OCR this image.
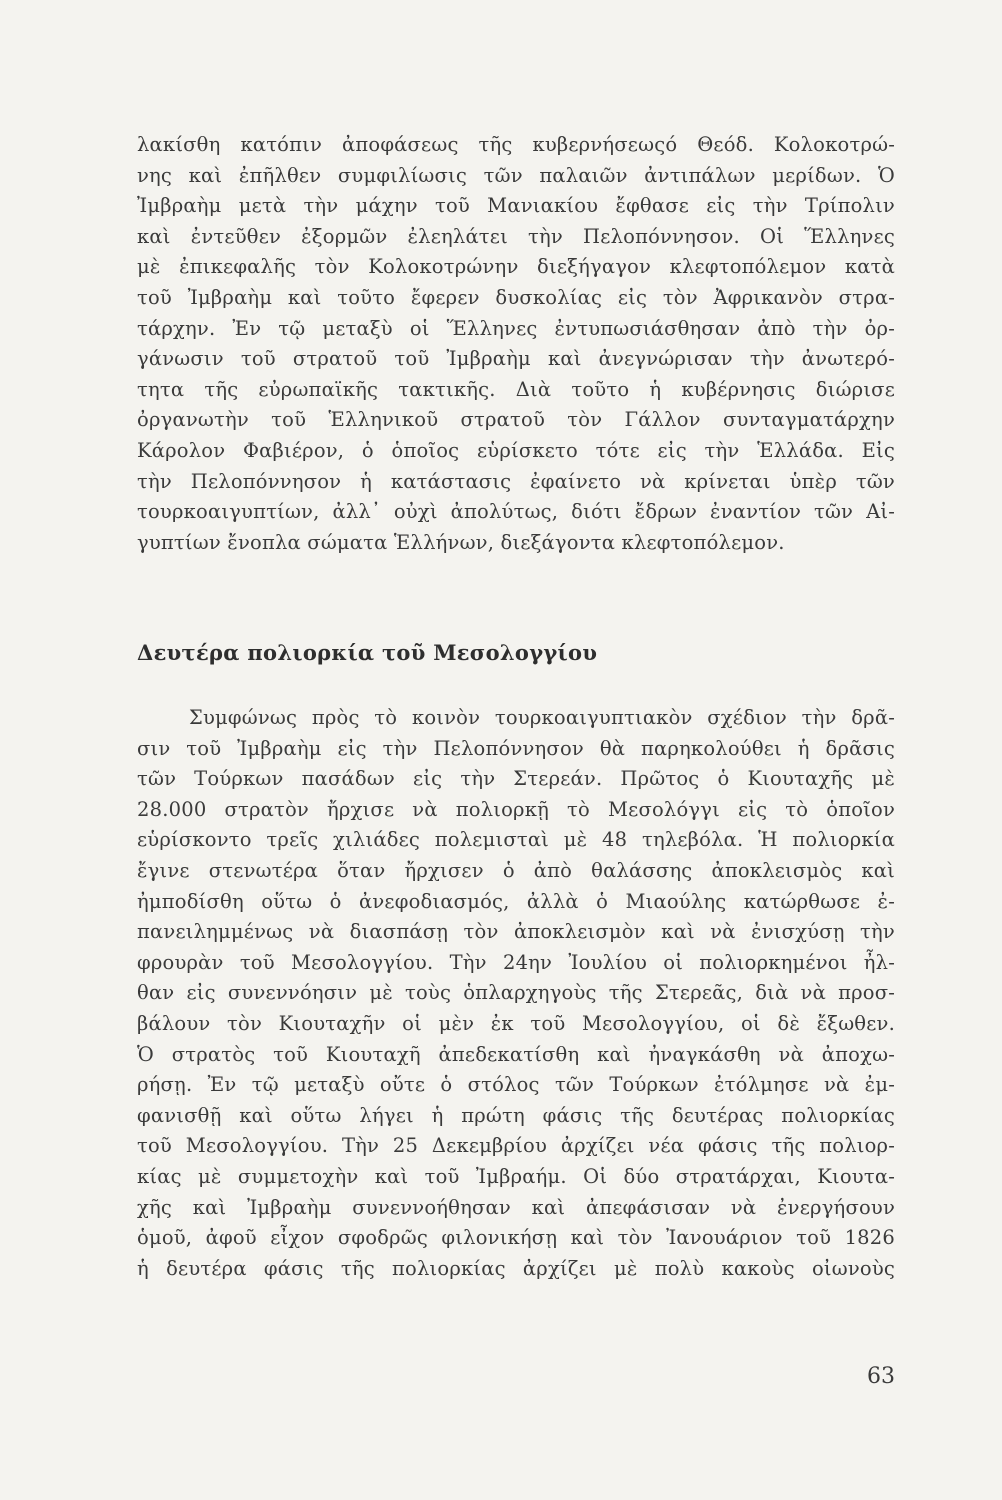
λακίσθη κατόπιν ἀποφάσεως τῆς κυβερνήσεωςό Θεόδ. Κολοκοτρώ-
νης καὶ ἐπῆλθεν συμφιλίωσις τῶν παλαιῶν ἀντιπάλων μερίδων. Ὁ
Ἰμβραὴμ μετὰ τὴν μάχην τοῦ Μανιακίου ἔφθασε εἰς τὴν Τρίπολιν
καὶ ἐντεῦθεν ἐξορμῶν ἐλεηλάτει τὴν Πελοπόννησον. Οἱ Ἕλληνες
μὲ ἐπικεφαλῆς τὸν Κολοκοτρώνην διεξήγαγον κλεφτοπόλεμον κατὰ
τοῦ Ἰμβραὴμ καὶ τοῦτο ἔφερεν δυσκολίας εἰς τὸν Ἀφρικανὸν στρα-
τάρχην. Ἐν τῷ μεταξὺ οἱ Ἕλληνες ἐντυπωσιάσθησαν ἀπὸ τὴν ὀρ-
γάνωσιν τοῦ στρατοῦ τοῦ Ἰμβραὴμ καὶ ἀνεγνώρισαν τὴν ἀνωτερό-
τητα τῆς εὐρωπαϊκῆς τακτικῆς. Διὰ τοῦτο ἡ κυβέρνησις διώρισε
ὀργανωτὴν τοῦ Ἑλληνικοῦ στρατοῦ τὸν Γάλλον συνταγματάρχην
Κάρολον Φαβιέρον, ὁ ὁποῖος εὑρίσκετο τότε εἰς τὴν Ἑλλάδα. Εἰς
τὴν Πελοπόννησον ἡ κατάστασις ἐφαίνετο νὰ κρίνεται ὑπὲρ τῶν
τουρκοαιγυπτίων, ἀλλ᾽ οὐχὶ ἀπολύτως, διότι ἔδρων ἐναντίον τῶν Αἰ-
γυπτίων ἔνοπλα σώματα Ἑλλήνων, διεξάγοντα κλεφτοπόλεμον.
Δευτέρα πολιορκία τοῦ Μεσολογγίου
Συμφώνως πρὸς τὸ κοινὸν τουρκοαιγυπτιακὸν σχέδιον τὴν δρᾶ-
σιν τοῦ Ἰμβραὴμ εἰς τὴν Πελοπόννησον θὰ παρηκολούθει ἡ δρᾶσις
τῶν Τούρκων πασάδων εἰς τὴν Στερεάν. Πρῶτος ὁ Κιουταχῆς μὲ
28.000 στρατὸν ἤρχισε νὰ πολιορκῇ τὸ Μεσολόγγι εἰς τὸ ὁποῖον
εὑρίσκοντο τρεῖς χιλιάδες πολεμισταὶ μὲ 48 τηλεβόλα. Ἡ πολιορκία
ἔγινε στενωτέρα ὅταν ἤρχισεν ὁ ἀπὸ θαλάσσης ἀποκλεισμὸς καὶ
ἠμποδίσθη οὕτω ὁ ἀνεφοδιασμός, ἀλλὰ ὁ Μιαούλης κατώρθωσε ἐ-
πανειλημμένως νὰ διασπάσῃ τὸν ἀποκλεισμὸν καὶ νὰ ἐνισχύσῃ τὴν
φρουρὰν τοῦ Μεσολογγίου. Τὴν 24ην Ἰουλίου οἱ πολιορκημένοι ἦλ-
θαν εἰς συνεννόησιν μὲ τοὺς ὁπλαρχηγοὺς τῆς Στερεᾶς, διὰ νὰ προσ-
βάλουν τὸν Κιουταχῆν οἱ μὲν ἐκ τοῦ Μεσολογγίου, οἱ δὲ ἔξωθεν.
Ὁ στρατὸς τοῦ Κιουταχῆ ἀπεδεκατίσθη καὶ ἠναγκάσθη νὰ ἀποχω-
ρήσῃ. Ἐν τῷ μεταξὺ οὔτε ὁ στόλος τῶν Τούρκων ἐτόλμησε νὰ ἐμ-
φανισθῇ καὶ οὕτω λήγει ἡ πρώτη φάσις τῆς δευτέρας πολιορκίας
τοῦ Μεσολογγίου. Τὴν 25 Δεκεμβρίου ἀρχίζει νέα φάσις τῆς πολιορ-
κίας μὲ συμμετοχὴν καὶ τοῦ Ἰμβραήμ. Οἱ δύο στρατάρχαι, Κιουτα-
χῆς καὶ Ἰμβραὴμ συνεννοήθησαν καὶ ἀπεφάσισαν νὰ ἐνεργήσουν
ὁμοῦ, ἀφοῦ εἶχον σφοδρῶς φιλονικήσῃ καὶ τὸν Ἰανουάριον τοῦ 1826
ἡ δευτέρα φάσις τῆς πολιορκίας ἀρχίζει μὲ πολὺ κακοὺς οἰωνοὺς
63
